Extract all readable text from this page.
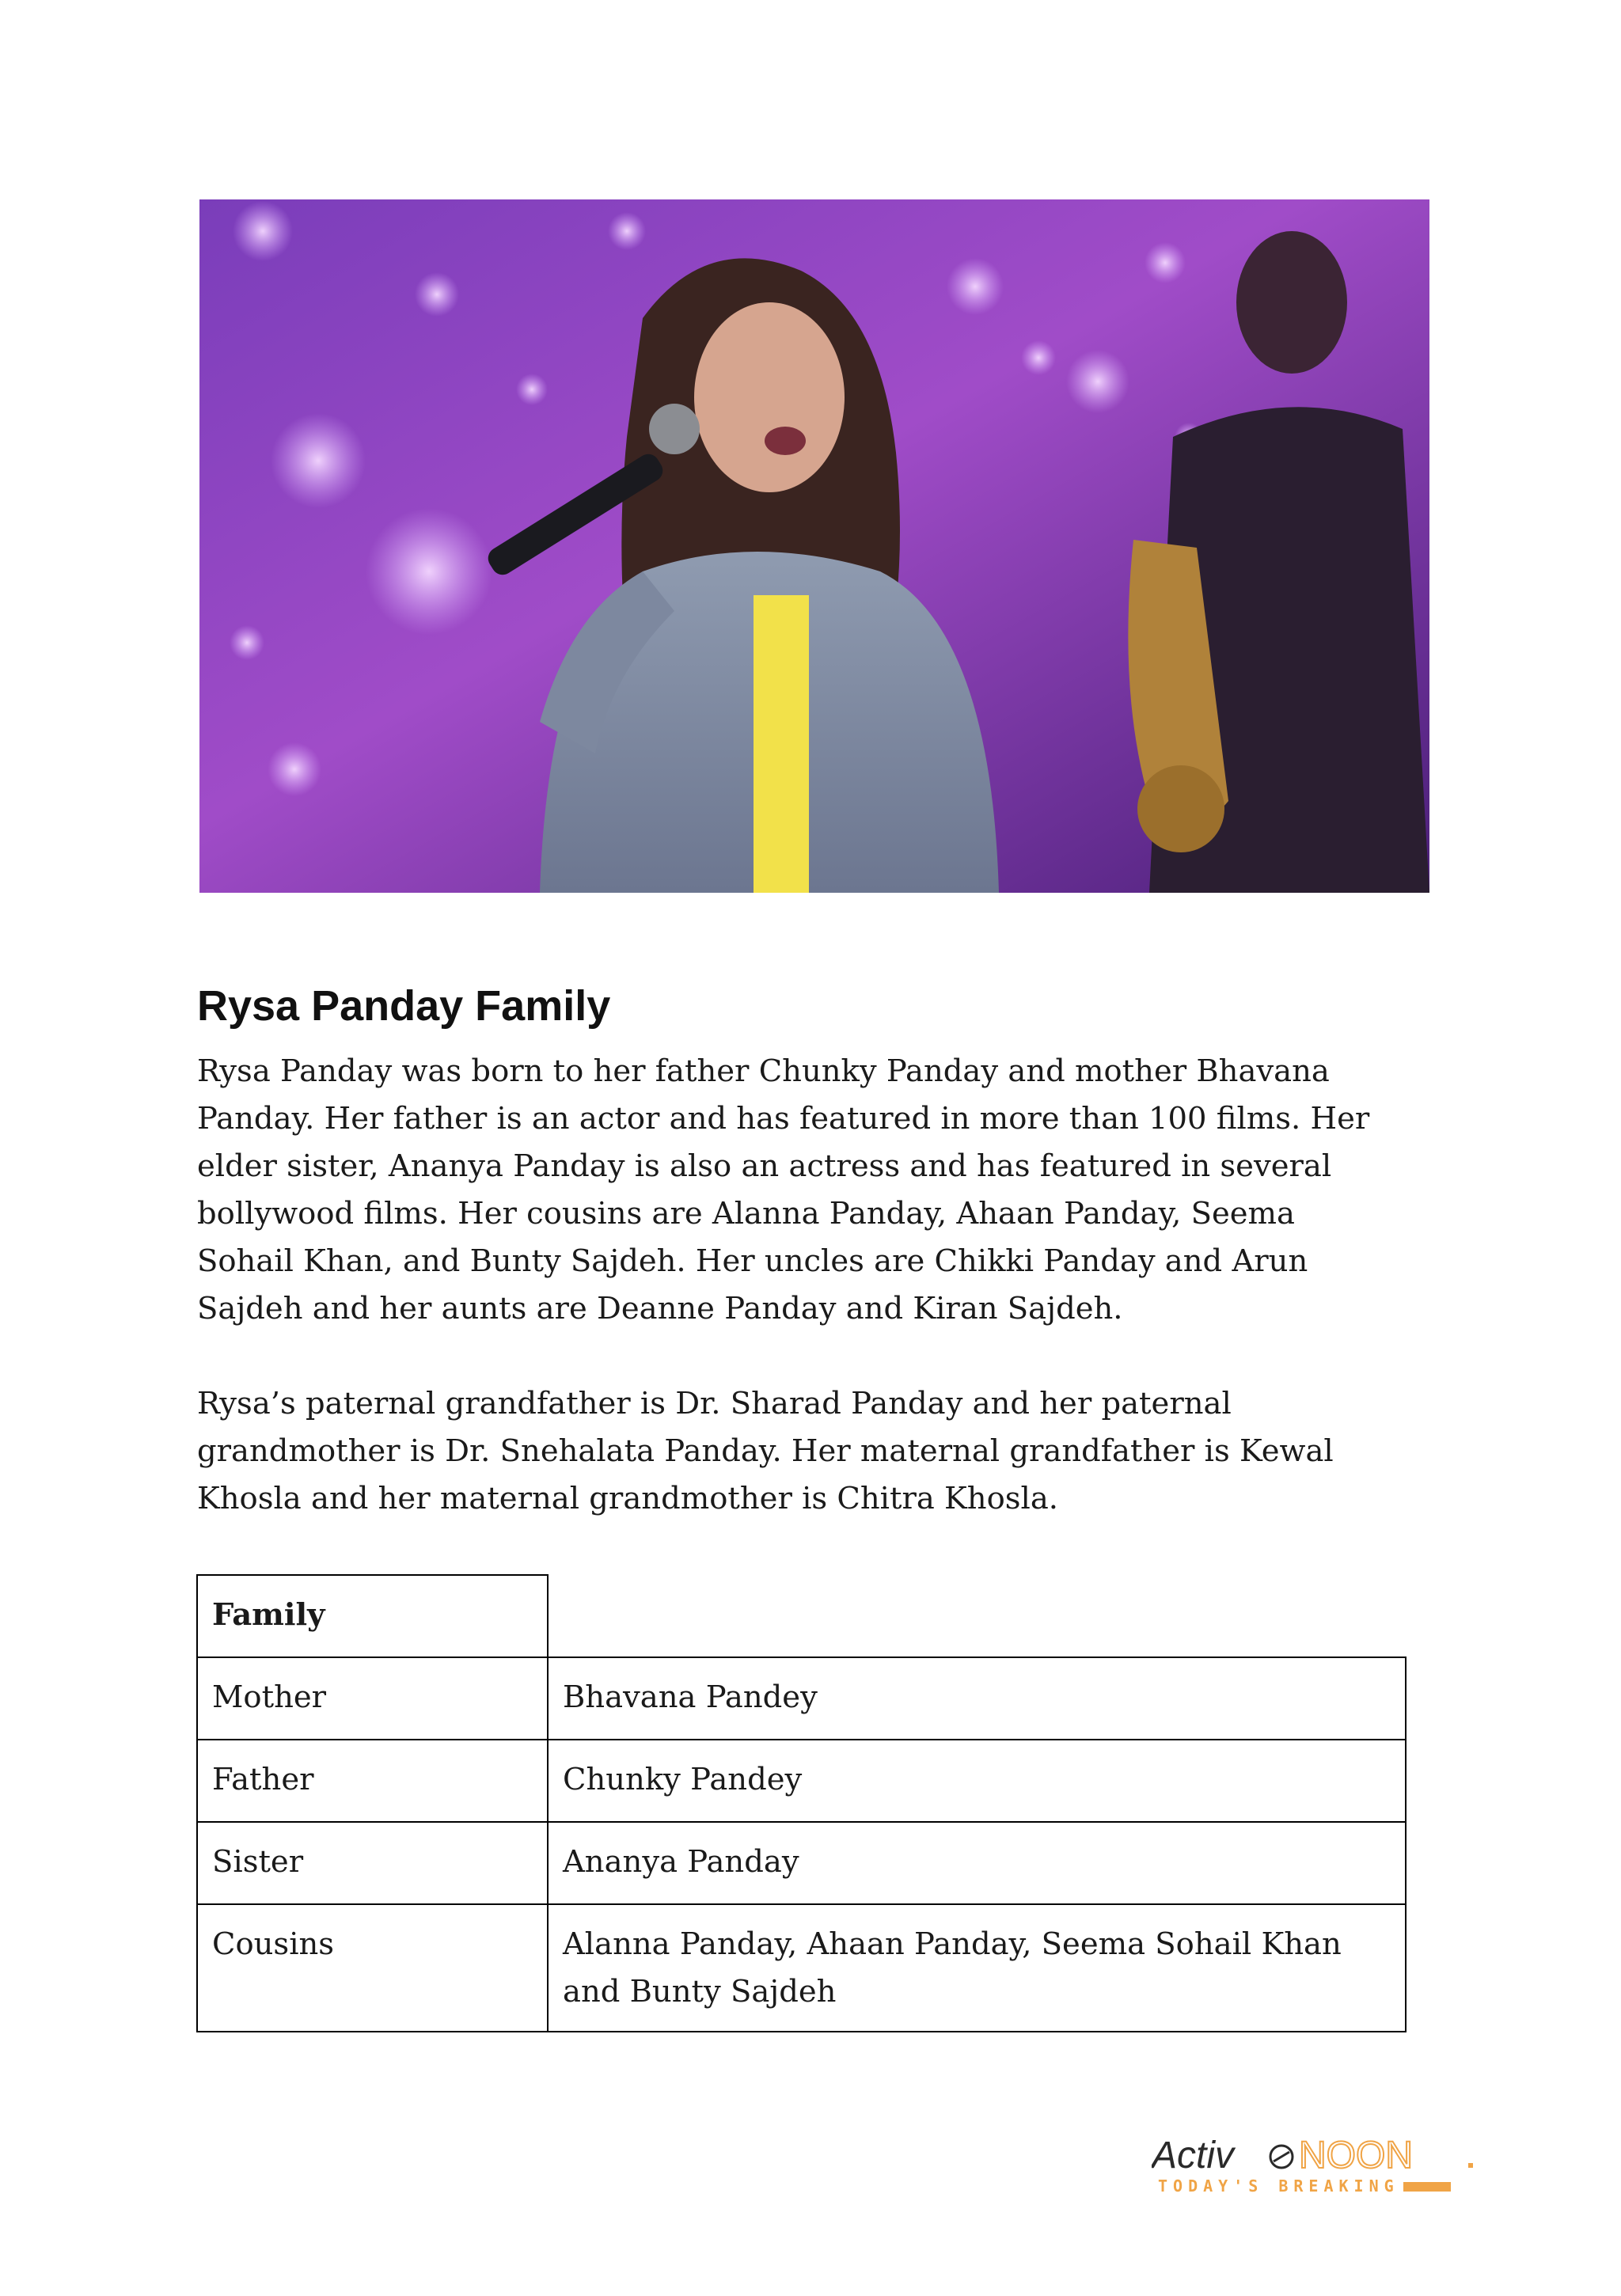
Rysa Panday Family

Rysa Panday was born to her father Chunky Panday and mother Bhavana
Panday. Her father is an actor and has featured in more than 100 films. Her
elder sister, Ananya Panday is also an actress and has featured in several
bollywood films. Her cousins are Alanna Panday, Ahaan Panday, Seema
Sohail Khan, and Bunty Sajdeh. Her uncles are Chikki Panday and Arun
Sajdeh and her aunts are Deanne Panday and Kiran Sajdeh.

Rysa’s paternal grandfather is Dr. Sharad Panday and her paternal
grandmother is Dr. Snehalata Panday. Her maternal grandfather is Kewal
Khosla and her maternal grandmother is Chitra Khosla.

Family	
Mother	Bhavana Pandey
Father	Chunky Pandey
Sister	Ananya Panday
Cousins	Alanna Panday, Ahaan Panday, Seema Sohail Khan
and Bunty Sajdeh
Activ NOON
TODAY'S BREAKING
